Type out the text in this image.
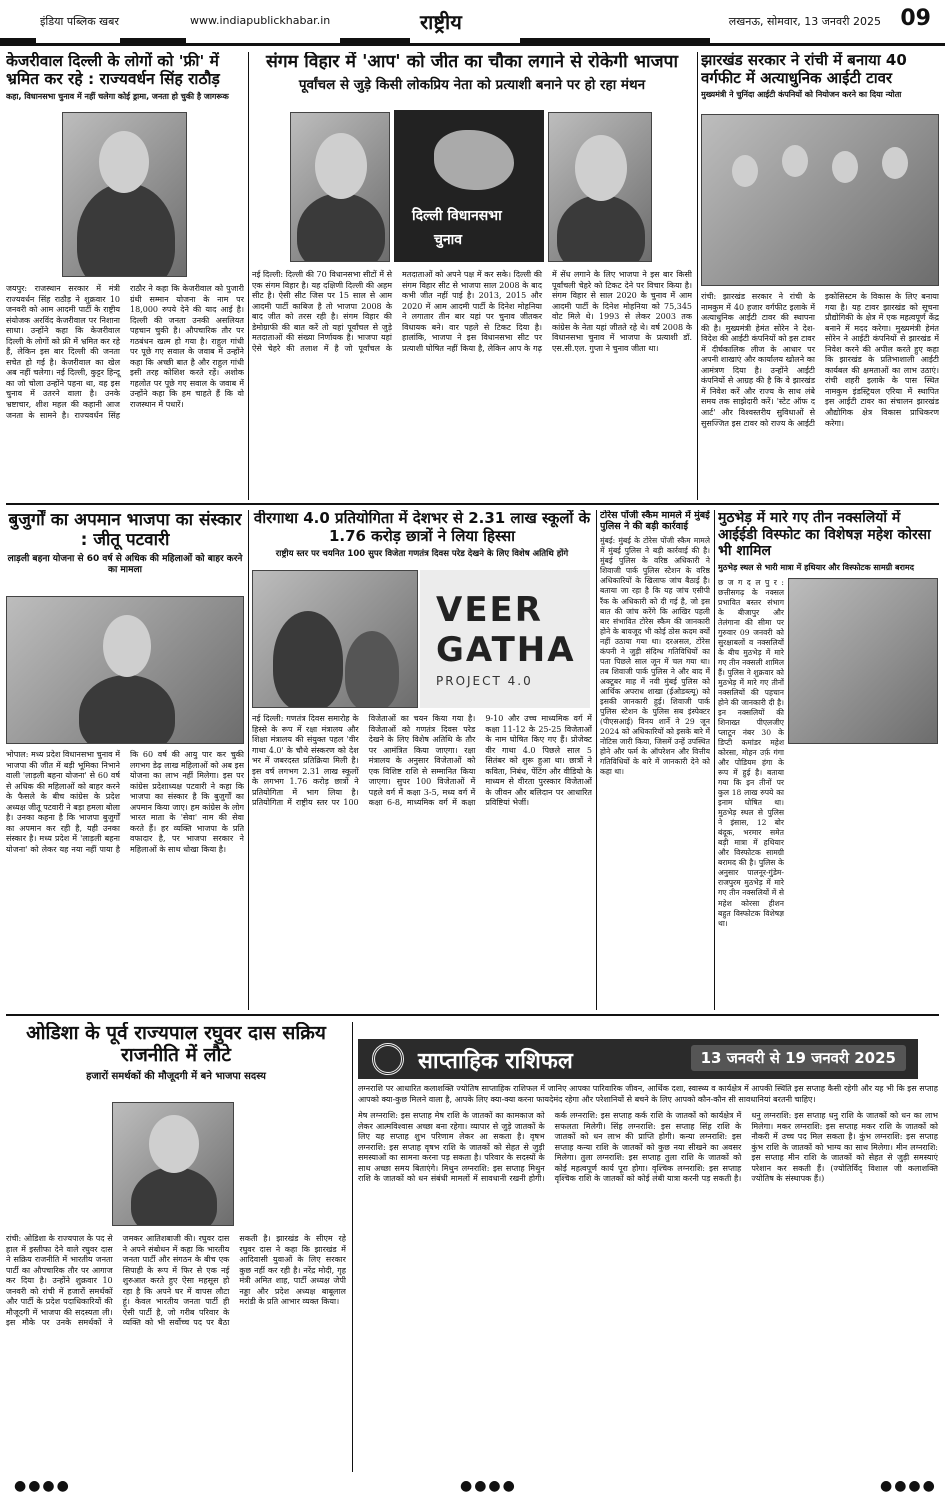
इंडिया पब्लिक खबर	www.indiapublickhabar.in	राष्ट्रीय	लखनऊ, सोमवार, 13 जनवरी 2025 09
केजरीवाल दिल्ली के लोगों को 'फ्री' में भ्रमित कर रहे : राज्यवर्धन सिंह राठौड़
कहा, विधानसभा चुनाव में नहीं चलेगा कोई ड्रामा, जनता हो चुकी है जागरूक
जयपुर: राजस्थान सरकार में मंत्री राज्यवर्धन सिंह राठौड़ ने शुक्रवार 10 जनवरी को आम आदमी पार्टी के राष्ट्रीय संयोजक अरविंद केजरीवाल पर निशाना साधा। उन्होंने कहा कि केजरीवाल दिल्ली के लोगों को फ्री में भ्रमित कर रहे हैं, लेकिन इस बार दिल्ली की जनता सचेत हो गई है। केजरीवाल का खेल अब नहीं चलेगा। नई दिल्ली, कुट्टर हिन्दू का जो चोला उन्होंने पहना था, वह इस चुनाव में उतरने वाला है। उनके भ्रष्टाचार, शीश महल की कहानी आज जनता के सामने है। राज्यवर्धन सिंह राठौर ने कहा कि केजरीवाल को पुजारी ग्रंथी सम्मान योजना के नाम पर 18,000 रुपये देने की याद आई है। दिल्ली की जनता उनकी असलियत पहचान चुकी है। औपचारिक तौर पर गठबंधन खत्म हो गया है। राहुल गांधी पर पूछे गए सवाल के जवाब में उन्होंने कहा कि अच्छी बात है और राहुल गांधी इसी तरह कोशिश करते रहें। अशोक गहलोत पर पूछे गए सवाल के जवाब में उन्होंने कहा कि हम चाहते हैं कि वो राजस्थान में पधारें।
संगम विहार में 'आप' को जीत का चौका लगाने से रोकेगी भाजपा
पूर्वांचल से जुड़े किसी लोकप्रिय नेता को प्रत्याशी बनाने पर हो रहा मंथन
दिल्ली विधानसभा
चुनाव
नई दिल्ली: दिल्ली की 70 विधानसभा सीटों में से एक संगम विहार है। यह दक्षिणी दिल्ली की अहम सीट है। ऐसी सीट जिस पर 15 साल से आम आदमी पार्टी काबिज है तो भाजपा 2008 के बाद जीत को तरस रही है। संगम विहार की डेमोग्राफी की बात करें तो यहां पूर्वांचल से जुड़े मतदाताओं की संख्या निर्णायक है। भाजपा यहां ऐसे चेहरे की तलाश में है जो पूर्वांचल के मतदाताओं को अपने पक्ष में कर सके। दिल्ली की संगम विहार सीट से भाजपा साल 2008 के बाद कभी जीत नहीं पाई है। 2013, 2015 और 2020 में आम आदमी पार्टी के दिनेश मोहनिया ने लगातार तीन बार यहां पर चुनाव जीतकर विधायक बने। वार पहले से टिकट दिया है। हालांकि, भाजपा ने इस विधानसभा सीट पर प्रत्याशी घोषित नहीं किया है, लेकिन आप के गढ़ में सेंध लगाने के लिए भाजपा ने इस बार किसी पूर्वांचली चेहरे को टिकट देने पर विचार किया है। संगम विहार से साल 2020 के चुनाव में आम आदमी पार्टी के दिनेश मोहनिया को 75,345 वोट मिले थे। 1993 से लेकर 2003 तक कांग्रेस के नेता यहां जीतते रहे थे। वर्ष 2008 के विधानसभा चुनाव में भाजपा के प्रत्याशी डॉ. एस.सी.एल. गुप्ता ने चुनाव जीता था।
झारखंड सरकार ने रांची में बनाया 40 वर्गफीट में अत्याधुनिक आईटी टावर
मुख्यमंत्री ने चुनिंदा आईटी कंपनियों को नियोजन करने का दिया न्योता
रांची: झारखंड सरकार ने रांची के नामकुम में 40 हजार वर्गफीट इलाके में अत्याधुनिक आईटी टावर की स्थापना की है। मुख्यमंत्री हेमंत सोरेन ने देश-विदेश की आईटी कंपनियों को इस टावर में दीर्घकालिक लीज के आधार पर अपनी शाखाएं और कार्यालय खोलने का आमंत्रण दिया है। उन्होंने आईटी कंपनियों से आग्रह की है कि वे झारखंड में निवेश करें और राज्य के साथ लंबे समय तक साझेदारी करें। 'स्टेट ऑफ द आर्ट' और विश्वस्तरीय सुविधाओं से सुसज्जित इस टावर को राज्य के आईटी इकोसिस्टम के विकास के लिए बनाया गया है। यह टावर झारखंड को सूचना प्रौद्योगिकी के क्षेत्र में एक महत्वपूर्ण केंद्र बनाने में मदद करेगा। मुख्यमंत्री हेमंत सोरेन ने आईटी कंपनियों से झारखंड में निवेश करने की अपील करते हुए कहा कि झारखंड के प्रतिभाशाली आईटी कार्यबल की क्षमताओं का लाभ उठाएं। रांची शहरी इलाके के पास स्थित नामकुम इंडस्ट्रियल एरिया में स्थापित इस आईटी टावर का संचालन झारखंड औद्योगिक क्षेत्र विकास प्राधिकरण करेगा।
बुजुर्गों का अपमान भाजपा का संस्कार : जीतू पटवारी
लाड़ली बहना योजना से 60 वर्ष से अधिक की महिलाओं को बाहर करने का मामला
भोपाल: मध्य प्रदेश विधानसभा चुनाव में भाजपा की जीत में बड़ी भूमिका निभाने वाली 'लाड़ली बहना योजना' से 60 वर्ष से अधिक की महिलाओं को बाहर करने के फैसले के बीच कांग्रेस के प्रदेश अध्यक्ष जीतू पटवारी ने बड़ा हमला बोला है। उनका कहना है कि भाजपा बुजुर्गों का अपमान कर रही है, यही उनका संस्कार है। मध्य प्रदेश में 'लाड़ली बहना योजना' को लेकर यह नया नहीं पाया है कि 60 वर्ष की आयु पार कर चुकी लगभग डेढ़ लाख महिलाओं को अब इस योजना का लाभ नहीं मिलेगा। इस पर कांग्रेस प्रदेशाध्यक्ष पटवारी ने कहा कि भाजपा का संस्कार है कि बुजुर्गों का अपमान किया जाए। हम कांग्रेस के लोग भारत माता के 'सेवा' नाम की सेवा करते हैं। हर व्यक्ति भाजपा के प्रति वफादार है, पर भाजपा सरकार ने महिलाओं के साथ धोखा किया है।
वीरगाथा 4.0 प्रतियोगिता में देशभर से 2.31 लाख स्कूलों के 1.76 करोड़ छात्रों ने लिया हिस्सा
राष्ट्रीय स्तर पर चयनित 100 सुपर विजेता गणतंत्र दिवस परेड देखने के लिए विशेष अतिथि होंगे
नई दिल्ली: गणतंत्र दिवस समारोह के हिस्से के रूप में रक्षा मंत्रालय और शिक्षा मंत्रालय की संयुक्त पहल 'वीर गाथा 4.0' के चौथे संस्करण को देश भर में जबरदस्त प्रतिक्रिया मिली है। इस वर्ष लगभग 2.31 लाख स्कूलों के लगभग 1.76 करोड़ छात्रों ने प्रतियोगिता में भाग लिया है। प्रतियोगिता में राष्ट्रीय स्तर पर 100 विजेताओं का चयन किया गया है। विजेताओं को गणतंत्र दिवस परेड देखने के लिए विशेष अतिथि के तौर पर आमंत्रित किया जाएगा। रक्षा मंत्रालय के अनुसार विजेताओं को एक विशिष्ट राशि से सम्मानित किया जाएगा। सुपर 100 विजेताओं में पहले वर्ग में कक्षा 3-5, मध्य वर्ग में कक्षा 6-8, माध्यमिक वर्ग में कक्षा 9-10 और उच्च माध्यमिक वर्ग में कक्षा 11-12 के 25-25 विजेताओं के नाम घोषित किए गए हैं। प्रोजेक्ट वीर गाथा 4.0 पिछले साल 5 सितंबर को शुरू हुआ था। छात्रों ने कविता, निबंध, पेंटिंग और वीडियो के माध्यम से वीरता पुरस्कार विजेताओं के जीवन और बलिदान पर आधारित प्रविष्टियां भेजीं।
VEER
GATHA
PROJECT 4.0
टोरेस पोंजी स्कैम मामले में मुंबई पुलिस ने की बड़ी कार्रवाई
मुंबई: मुंबई के टोरेस पोंजी स्कैम मामले में मुंबई पुलिस ने बड़ी कार्रवाई की है। मुंबई पुलिस के वरिष्ठ अधिकारी ने शिवाजी पार्क पुलिस स्टेशन के वरिष्ठ अधिकारियों के खिलाफ जांच बैठाई है। बताया जा रहा है कि यह जांच एसीपी रैंक के अधिकारी को दी गई है, जो इस बात की जांच करेंगे कि आखिर पहली बार संभावित टोरेस स्कैम की जानकारी होने के बावजूद भी कोई ठोस कदम क्यों नहीं उठाया गया था। दरअसल, टोरेस कंपनी ने जुड़ी संदिग्ध गतिविधियों का पता पिछले साल जून में चल गया था। तब शिवाजी पार्क पुलिस ने और बाद में अक्टूबर माह में नवी मुंबई पुलिस को आर्थिक अपराध शाखा (ईओडब्ल्यू) को इसकी जानकारी हुई। शिवाजी पार्क पुलिस स्टेशन के पुलिस सब इंस्पेक्टर (पीएसआई) विनय शार्ने ने 29 जून 2024 को अधिकारियों को इसके बारे में नोटिस जारी किया, जिसमें उन्हें उपस्थित होने और फर्म के ऑपरेशन और वित्तीय गतिविधियों के बारे में जानकारी देने को कहा था।
मुठभेड़ में मारे गए तीन नक्सलियों में आईईडी विस्फोट का विशेषज्ञ महेश कोरसा भी शामिल
मुठभेड़ स्थल से भारी मात्रा में हथियार और विस्फोटक सामग्री बरामद
छ ज ग द ल पु र : छत्तीसगढ़ के नक्सल प्रभावित बस्तर संभाग के बीजापुर और तेलंगाना की सीमा पर गुरुवार 09 जनवरी को सुरक्षाबलों व नक्सलियों के बीच मुठभेड़ में मारे गए तीन नक्सली शामिल हैं। पुलिस ने शुक्रवार को मुठभेड़ में मारे गए तीनों नक्सलियों की पहचान होने की जानकारी दी है। इन नक्सलियों की शिनाख्त पीएलजीए प्लाटून नंबर 30 के डिप्टी कमांडर महेश कोरसा, मोहन उर्फ़ गंगा और पोडियम हंगा के रूप में हुई है। बताया गया कि इन तीनों पर कुल 18 लाख रुपये का इनाम घोषित था। मुठभेड़ स्थल से पुलिस ने इंसास, 12 बोर बंदूक, भरमार समेत बड़ी मात्रा में हथियार और विस्फोटक सामग्री बरामद की है। पुलिस के अनुसार पालनूर-गुंडेम-राजपुरम मुठभेड़ में मारे गए तीन नक्सलियों में से महेश कोरसा हीशन बहुत विस्फोटक विशेषज्ञ था।
ओडिशा के पूर्व राज्यपाल रघुवर दास सक्रिय राजनीति में लौटे
हजारों समर्थकों की मौजूदगी में बने भाजपा सदस्य
रांची: ओडिशा के राज्यपाल के पद से हाल में इस्तीफा देने वाले रघुवर दास ने सक्रिय राजनीति में भारतीय जनता पार्टी का औपचारिक तौर पर आगाज कर दिया है। उन्होंने शुक्रवार 10 जनवरी को रांची में हजारों समर्थकों और पार्टी के प्रदेश पदाधिकारियों की मौजूदगी में भाजपा की सदस्यता ली। इस मौके पर उनके समर्थकों ने जमकर आतिशबाजी की। रघुवर दास ने अपने संबोधन में कहा कि भारतीय जनता पार्टी और संगठन के बीच एक सिपाही के रूप में फिर से एक नई शुरुआत करते हुए ऐसा महसूस हो रहा है कि अपने घर में वापस लौटा हूं। केवल भारतीय जनता पार्टी ही ऐसी पार्टी है, जो गरीब परिवार के व्यक्ति को भी सर्वोच्च पद पर बैठा सकती है। झारखंड के सीएम रहे रघुवर दास ने कहा कि झारखंड में आदिवासी युवाओं के लिए सरकार कुछ नहीं कर रही है। नरेंद्र मोदी, गृह मंत्री अमित शाह, पार्टी अध्यक्ष जेपी नड्डा और प्रदेश अध्यक्ष बाबूलाल मरांडी के प्रति आभार व्यक्त किया।
साप्ताहिक राशिफल	13 जनवरी से 19 जनवरी 2025
लग्नराशि पर आधारित कलाशक्ति ज्योतिष साप्ताहिक राशिफल में जानिए आपका पारिवारिक जीवन, आर्थिक दशा, स्वास्थ्य व कार्यक्षेत्र में आपकी स्थिति इस सप्ताह कैसी रहेगी और यह भी कि इस सप्ताह आपको क्या-कुछ मिलने वाला है, आपके लिए क्या-क्या करना फायदेमंद रहेगा और परेशानियों से बचने के लिए आपको कौन-कौन सी सावधानियां बरतनी चाहिए।
मेष लग्नराशि: इस सप्ताह मेष राशि के जातकों का कामकाज को लेकर आत्मविश्वास अच्छा बना रहेगा। व्यापार से जुड़े जातकों के लिए यह सप्ताह शुभ परिणाम लेकर आ सकता है। वृषभ लग्नराशि: इस सप्ताह वृषभ राशि के जातकों को सेहत से जुड़ी समस्याओं का सामना करना पड़ सकता है। परिवार के सदस्यों के साथ अच्छा समय बिताएंगे। मिथुन लग्नराशि: इस सप्ताह मिथुन राशि के जातकों को धन संबंधी मामलों में सावधानी रखनी होगी। कर्क लग्नराशि: इस सप्ताह कर्क राशि के जातकों को कार्यक्षेत्र में सफलता मिलेगी। सिंह लग्नराशि: इस सप्ताह सिंह राशि के जातकों को धन लाभ की प्राप्ति होगी। कन्या लग्नराशि: इस सप्ताह कन्या राशि के जातकों को कुछ नया सीखने का अवसर मिलेगा। तुला लग्नराशि: इस सप्ताह तुला राशि के जातकों को कोई महत्वपूर्ण कार्य पूरा होगा। वृश्चिक लग्नराशि: इस सप्ताह वृश्चिक राशि के जातकों को कोई लंबी यात्रा करनी पड़ सकती है। धनु लग्नराशि: इस सप्ताह धनु राशि के जातकों को धन का लाभ मिलेगा। मकर लग्नराशि: इस सप्ताह मकर राशि के जातकों को नौकरी में उच्च पद मिल सकता है। कुंभ लग्नराशि: इस सप्ताह कुंभ राशि के जातकों को भाग्य का साथ मिलेगा। मीन लग्नराशि: इस सप्ताह मीन राशि के जातकों को सेहत से जुड़ी समस्याएं परेशान कर सकती हैं। (ज्योतिर्विद् विशाल जी कलाशक्ति ज्योतिष के संस्थापक हैं।)
●●●●	●●●●	●●●●
